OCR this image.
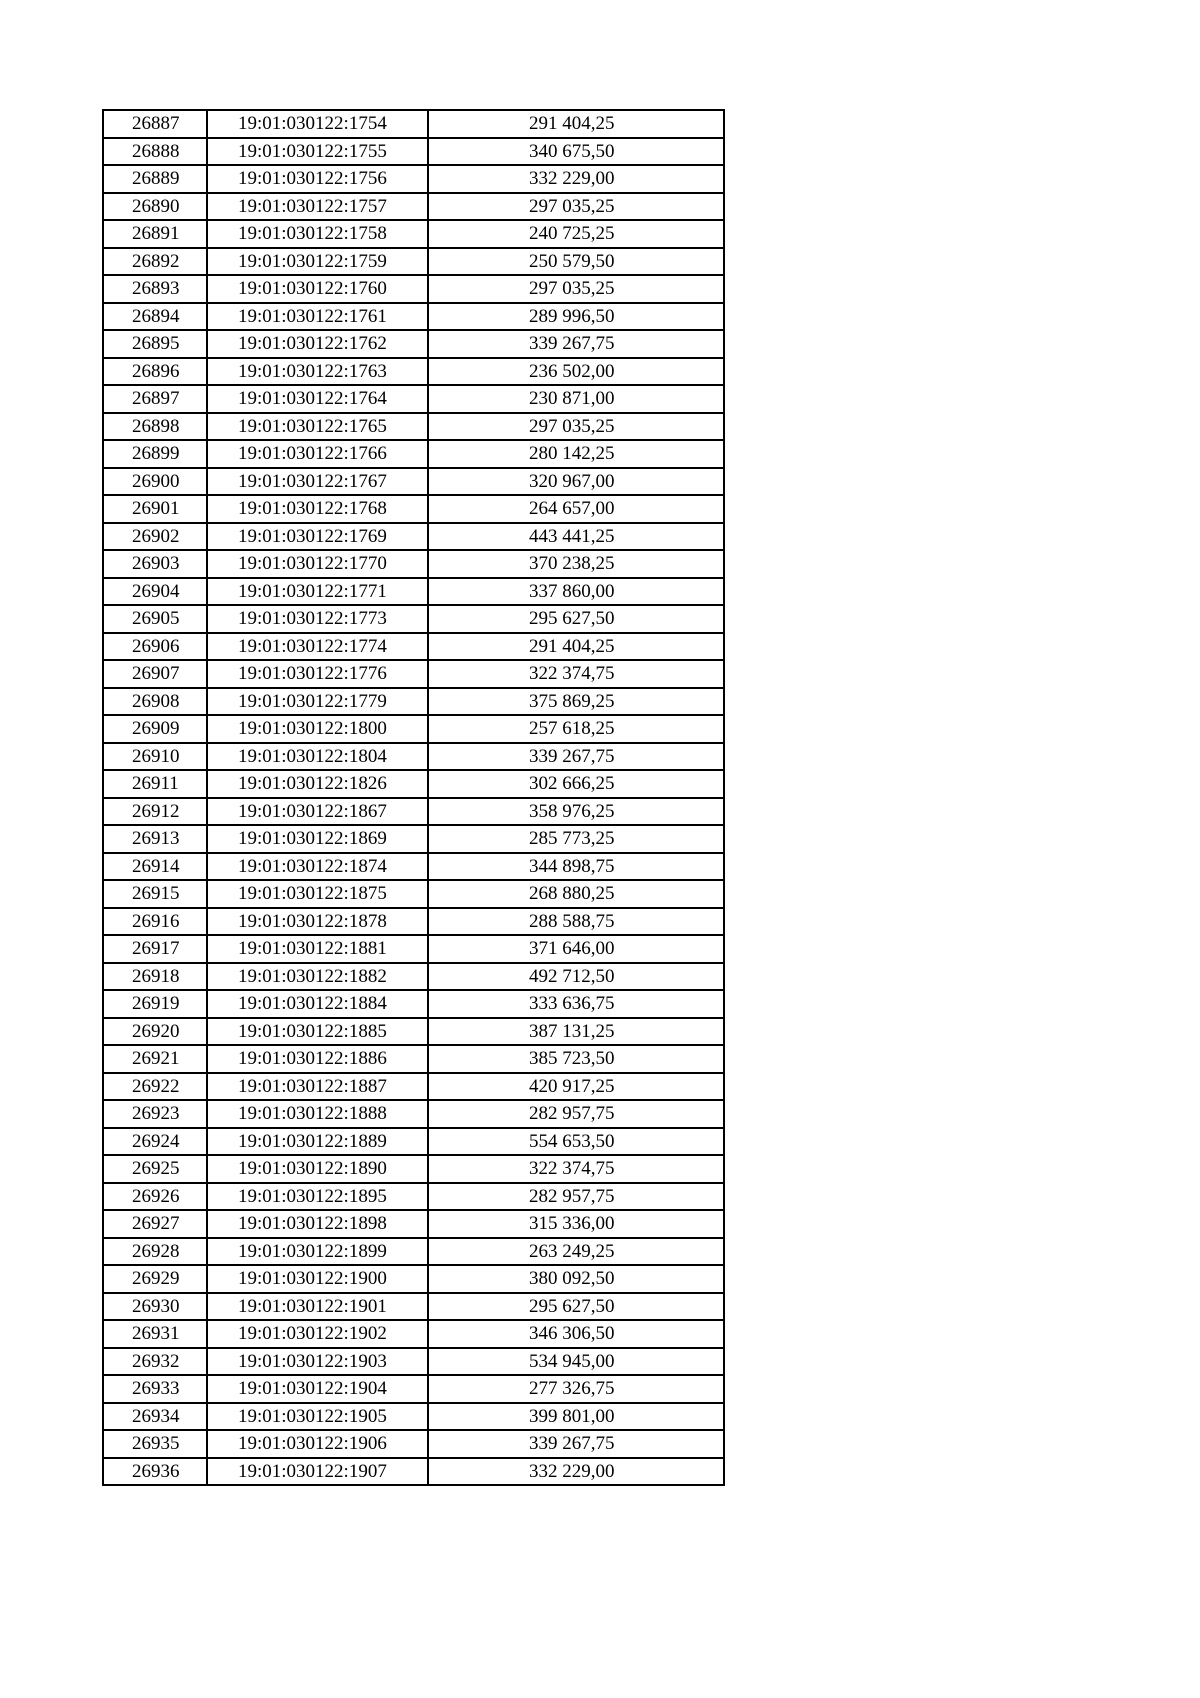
26887	19:01:030122:1754	291 404,25
26888	19:01:030122:1755	340 675,50
26889	19:01:030122:1756	332 229,00
26890	19:01:030122:1757	297 035,25
26891	19:01:030122:1758	240 725,25
26892	19:01:030122:1759	250 579,50
26893	19:01:030122:1760	297 035,25
26894	19:01:030122:1761	289 996,50
26895	19:01:030122:1762	339 267,75
26896	19:01:030122:1763	236 502,00
26897	19:01:030122:1764	230 871,00
26898	19:01:030122:1765	297 035,25
26899	19:01:030122:1766	280 142,25
26900	19:01:030122:1767	320 967,00
26901	19:01:030122:1768	264 657,00
26902	19:01:030122:1769	443 441,25
26903	19:01:030122:1770	370 238,25
26904	19:01:030122:1771	337 860,00
26905	19:01:030122:1773	295 627,50
26906	19:01:030122:1774	291 404,25
26907	19:01:030122:1776	322 374,75
26908	19:01:030122:1779	375 869,25
26909	19:01:030122:1800	257 618,25
26910	19:01:030122:1804	339 267,75
26911	19:01:030122:1826	302 666,25
26912	19:01:030122:1867	358 976,25
26913	19:01:030122:1869	285 773,25
26914	19:01:030122:1874	344 898,75
26915	19:01:030122:1875	268 880,25
26916	19:01:030122:1878	288 588,75
26917	19:01:030122:1881	371 646,00
26918	19:01:030122:1882	492 712,50
26919	19:01:030122:1884	333 636,75
26920	19:01:030122:1885	387 131,25
26921	19:01:030122:1886	385 723,50
26922	19:01:030122:1887	420 917,25
26923	19:01:030122:1888	282 957,75
26924	19:01:030122:1889	554 653,50
26925	19:01:030122:1890	322 374,75
26926	19:01:030122:1895	282 957,75
26927	19:01:030122:1898	315 336,00
26928	19:01:030122:1899	263 249,25
26929	19:01:030122:1900	380 092,50
26930	19:01:030122:1901	295 627,50
26931	19:01:030122:1902	346 306,50
26932	19:01:030122:1903	534 945,00
26933	19:01:030122:1904	277 326,75
26934	19:01:030122:1905	399 801,00
26935	19:01:030122:1906	339 267,75
26936	19:01:030122:1907	332 229,00
